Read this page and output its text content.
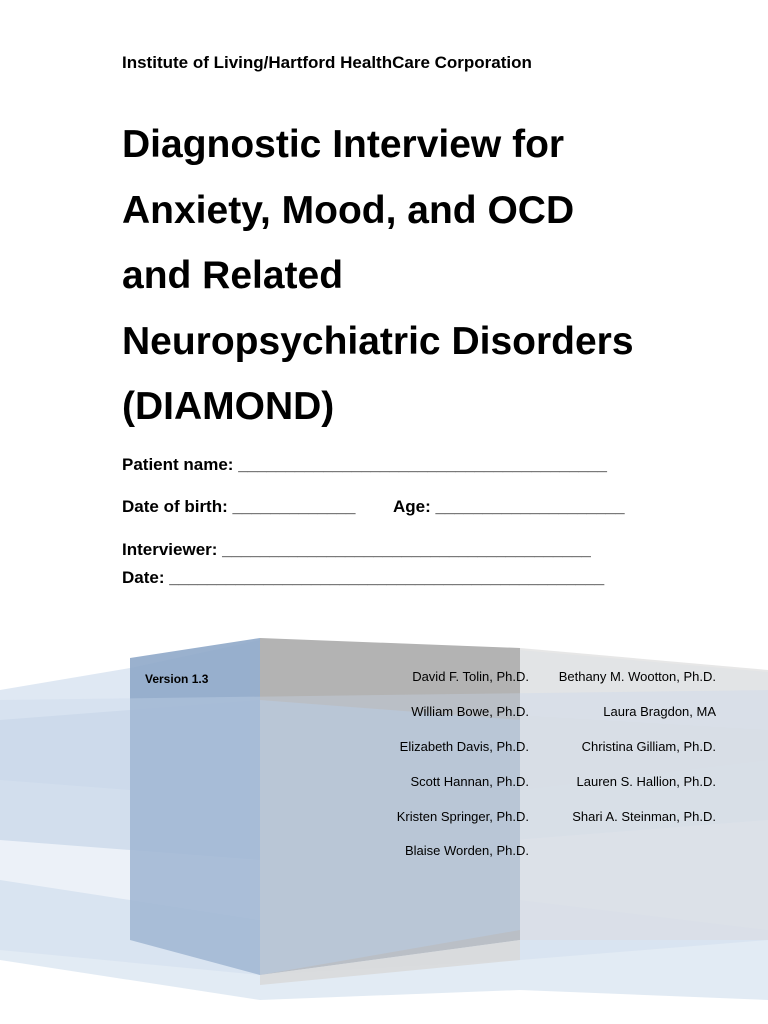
Institute of Living/Hartford HealthCare Corporation
Diagnostic Interview for
Anxiety, Mood, and OCD
and Related
Neuropsychiatric Disorders
(DIAMOND)
Patient name: _______________________________________
Date of birth: _____________ Age: ____________________
Interviewer: _______________________________________
Date: ______________________________________________
Version 1.3	David F. Tolin, Ph.D.
William Bowe, Ph.D.
Elizabeth Davis, Ph.D.
Scott Hannan, Ph.D.
Kristen Springer, Ph.D.
Blaise Worden, Ph.D.
Bethany M. Wootton, Ph.D.
Laura Bragdon, MA
Christina Gilliam, Ph.D.
Lauren S. Hallion, Ph.D.
Shari A. Steinman, Ph.D.
